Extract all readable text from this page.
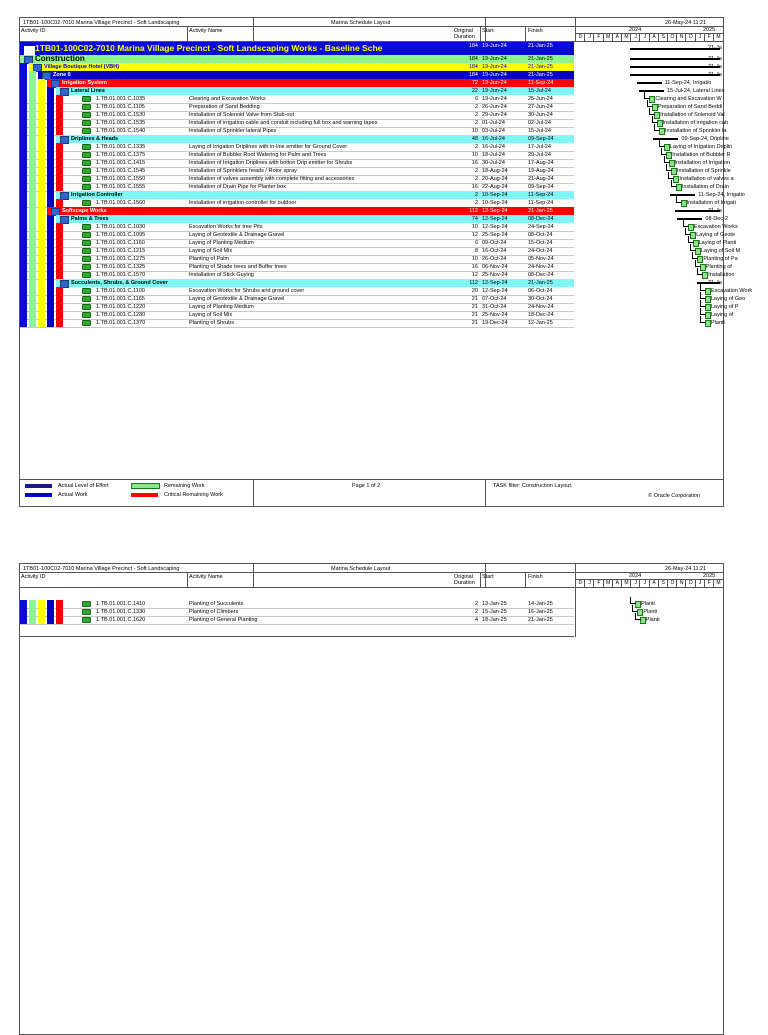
1TB01-100C02-7010 Marina Village Precinct - Soft Landscaping	Marina Schedule Layout	26-May-24 11:21
Activity ID	Activity Name	Original
Duration
Start	Finish	2024	2025
D	J	F	M	A	M	J	J	A	S	O	N	D	J	F	M
1TB01-100C02-7010 Marina Village Precinct - Soft Landscaping Works - Baseline Sche	184 19-Jun-24	21-Jan-25	21-Ja
Construction	184 19-Jun-24	21-Jan-25	21-Ja
Village Boutique Hotel (VBH)	184 19-Jun-24	21-Jan-25	21-Ja
Zone 6	184 19-Jun-24	21-Jan-25	21-Ja
Irrigation System	72 19-Jun-24	11-Sep-24	11-Sep-24, Irrigatio
Lateral Lines	22 19-Jun-24	15-Jul-24	15-Jul-24, Lateral Lines
1.TB.01.001.C.1035	Clearing and Excavation Works	6 19-Jun-24	25-Jun-24	Clearing and Excavation W
1.TB.01.001.C.1105	Preparation of Sand Bedding	2 26-Jun-24	27-Jun-24	Preparation of Sand Beddi
1.TB.01.001.C.1530	Installation of Solenoid Valve from Stub-out	2 29-Jun-24	30-Jun-24	Installation of Solenoid Val
1.TB.01.001.C.1535	Installation of irrigation cable and conduit including full box and warning tapes	2 01-Jul-24	02-Jul-24	Installation of irrigation cab
1.TB.01.001.C.1540	Installation of Sprinkler lateral Pipes	10 03-Jul-24	15-Jul-24	Installation of Sprinkler la
Driplines & Heads	48 16-Jul-24	09-Sep-24	09-Sep-24, Dripline
1.TB.01.001.C.1335	Laying of Irrigation Driplines with in-line emitter for Ground Cover	2 16-Jul-24	17-Jul-24	Laying of Irrigation Driplin
1.TB.01.001.C.1375	Installation of Bubbler Root Watering for Palm and Trees	10 18-Jul-24	29-Jul-24	Installation of Bubbler R
1.TB.01.001.C.1415	Installation of Irrigation Driplines with botton Drip emitter for Shrubs	16 30-Jul-24	17-Aug-24	Installation of Irrigation
1.TB.01.001.C.1545	Installation of Sprinklers heads / Rotor spray	2 18-Aug-24	19-Aug-24	Installation of Sprinkle
1.TB.01.001.C.1550	Installation of valves assembly with complete fitting and accessories	2 20-Aug-24	21-Aug-24	Installation of valves a
1.TB.01.001.C.1555	Installation of Drain Pipe for Planter box	16 22-Aug-24	09-Sep-24	Installation of Drain
Irrigation Controller	2 10-Sep-24	11-Sep-24	11-Sep-24, Irrigatio
1.TB.01.001.C.1560	Installation of irrigation controller for outdoor	2 10-Sep-24	11-Sep-24	Installation of Irrigati
Softscape Works	112 12-Sep-24	21-Jan-25	21-Ja
Palms & Trees	74 12-Sep-24	08-Dec-24	08-Dec-2
1.TB.01.001.C.1030	Excavation Works for tree Pits	10 12-Sep-24	24-Sep-24	Excavation Works
1.TB.01.001.C.1095	Laying of Geotextile & Drainage Gravel	12 25-Sep-24	08-Oct-24	Laying of Geote
1.TB.01.001.C.1160	Laying of Planting Medium	6 09-Oct-24	15-Oct-24	Laying of Planti
1.TB.01.001.C.1215	Laying of Soil Mix	8 16-Oct-24	24-Oct-24	Laying of Soil M
1.TB.01.001.C.1275	Planting of Palm	10 26-Oct-24	05-Nov-24	Planting of Pa
1.TB.01.001.C.1325	Planting of Shade trees and Buffer trees	16 06-Nov-24	24-Nov-24	Planting of
1.TB.01.001.C.1570	Installation of Stick Guying	12 25-Nov-24	08-Dec-24	Installation
Succulents, Shrubs, & Ground Cover	112 12-Sep-24	21-Jan-25	21-Ja
1.TB.01.001.C.1100	Excavation Works for Shrubs and ground cover	20 12-Sep-24	06-Oct-24	Excavation Work
1.TB.01.001.C.1165	Laying of Geotextile & Drainage Gravel	21 07-Oct-24	30-Oct-24	Laying of Geo
1.TB.01.001.C.1220	Laying of Planting Medium	21 31-Oct-24	24-Nov-24	Laying of P
1.TB.01.001.C.1280	Laying of Soil Mix	21 25-Nov-24	18-Dec-24	Laying of
1.TB.01.001.C.1370	Planting of Shrubs	21 19-Dec-24	12-Jan-25	Planti
Actual Level of Effort
Actual Work
Remaining Work
Critical Remaining Work
Page 1 of 2	TASK filter: Construction Layout.
© Oracle Corporation
1TB01-100C02-7010 Marina Village Precinct - Soft Landscaping	Marina Schedule Layout	26-May-24 11:21
Activity ID	Activity Name	Original
Duration
Start	Finish	2024	2025
D	J	F	M	A	M	J	J	A	S	O	N	D	J	F	M
1.TB.01.001.C.1410	Planting of Succulents	2 13-Jan-25	14-Jan-25	Planti
1.TB.01.001.C.1330	Planting of Climbers	2 15-Jan-25	16-Jan-25	Planti
1.TB.01.001.C.1620	Planting of General Planting	4 18-Jan-25	21-Jan-25	Planti
